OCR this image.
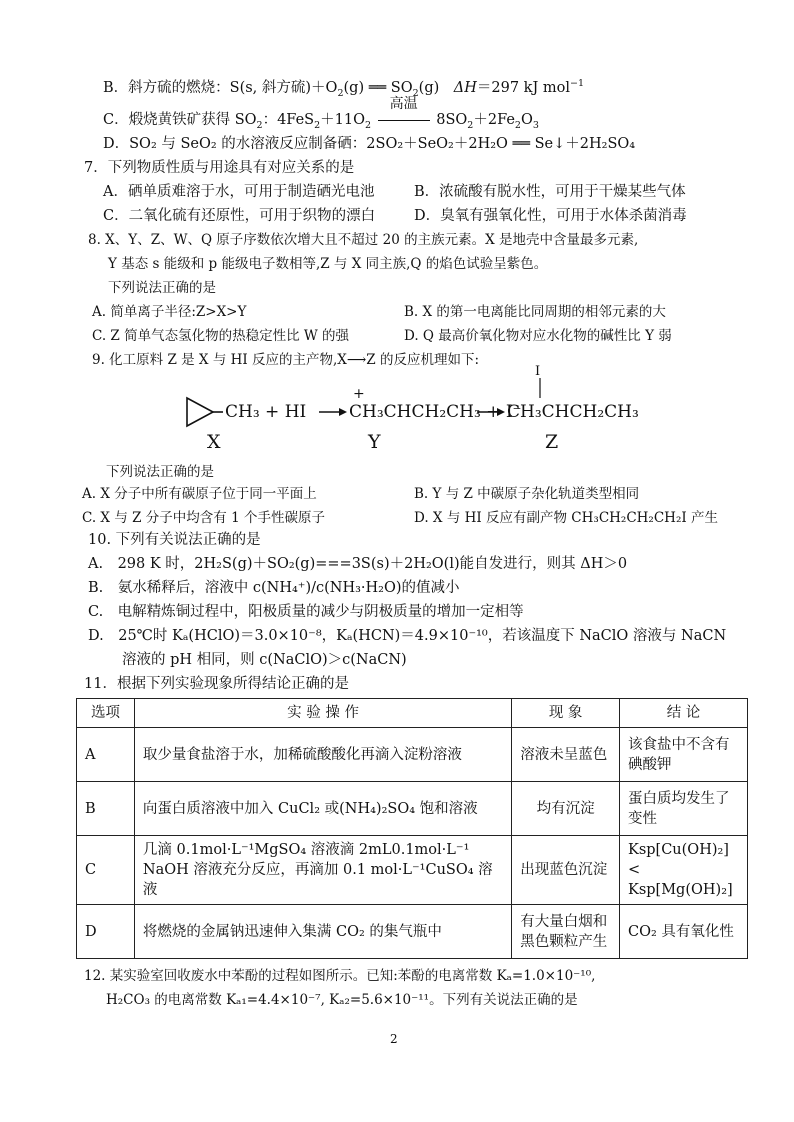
B．斜方硫的燃烧：S(s, 斜方硫)$+O_2(g)$ ══ $SO_2(g)$　ΔH＝297 kJ mol$^{-1}$
C．煅烧黄铁矿获得 $SO_2$：$4FeS_2+11O_2$
高温
$8SO_2+2Fe_2O_3$
D．SO₂ 与 SeO₂ 的水溶液反应制备硒：2SO₂＋SeO₂＋2H₂O ══ Se↓＋2H₂SO₄
7．下列物质性质与用途具有对应关系的是
A．硒单质难溶于水，可用于制造硒光电池	B．浓硫酸有脱水性，可用于干燥某些气体
C．二氧化硫有还原性，可用于织物的漂白	D．臭氧有强氧化性，可用于水体杀菌消毒
8. X、Y、Z、W、Q 原子序数依次增大且不超过 20 的主族元素。X 是地壳中含量最多元素,
Y 基态 s 能级和 p 能级电子数相等,Z 与 X 同主族,Q 的焰色试验呈紫色。
下列说法正确的是
A. 简单离子半径:Z>X>Y	B. X 的第一电离能比同周期的相邻元素的大
C. Z 简单气态氢化物的热稳定性比 W 的强	D. Q 最高价氧化物对应水化物的碱性比 Y 弱
9. 化工原料 Z 是 X 与 HI 反应的主产物,X⟶Z 的反应机理如下:
CH₃ + HI
+
CH₃CHCH₂CH₃ + I⁻
I
CH₃CHCH₂CH₃
X	Y	Z
下列说法正确的是
A. X 分子中所有碳原子位于同一平面上	B. Y 与 Z 中碳原子杂化轨道类型相同
C. X 与 Z 分子中均含有 1 个手性碳原子	D. X 与 HI 反应有副产物 CH₃CH₂CH₂CH₂I 产生
10. 下列有关说法正确的是
A.　298 K 时，2H₂S(g)＋SO₂(g)===3S(s)＋2H₂O(l)能自发进行，则其 ΔH＞0
B.　氨水稀释后，溶液中 c(NH₄⁺)/c(NH₃·H₂O)的值减小
C.　电解精炼铜过程中，阳极质量的减少与阴极质量的增加一定相等
D.　25℃时 Kₐ(HClO)＝3.0×10⁻⁸，Kₐ(HCN)＝4.9×10⁻¹⁰，若该温度下 NaClO 溶液与 NaCN
溶液的 pH 相同，则 c(NaClO)＞c(NaCN)
11．根据下列实验现象所得结论正确的是
选项	实 验 操 作	现 象	结 论
A	取少量食盐溶于水，加稀硫酸酸化再滴入淀粉溶液	溶液未呈蓝色	该食盐中不含有碘酸钾
B	向蛋白质溶液中加入 CuCl₂ 或(NH₄)₂SO₄ 饱和溶液	均有沉淀	蛋白质均发生了变性
C	几滴 0.1mol·L⁻¹MgSO₄ 溶液滴 2mL0.1mol·L⁻¹ NaOH 溶液充分反应，再滴加 0.1 mol·L⁻¹CuSO₄ 溶液	出现蓝色沉淀	Ksp[Cu(OH)₂]< Ksp[Mg(OH)₂]
D	将燃烧的金属钠迅速伸入集满 CO₂ 的集气瓶中	有大量白烟和黑色颗粒产生	CO₂ 具有氧化性
12. 某实验室回收废水中苯酚的过程如图所示。已知:苯酚的电离常数 Kₐ=1.0×10⁻¹⁰,
H₂CO₃ 的电离常数 Kₐ₁=4.4×10⁻⁷, Kₐ₂=5.6×10⁻¹¹。下列有关说法正确的是
2
